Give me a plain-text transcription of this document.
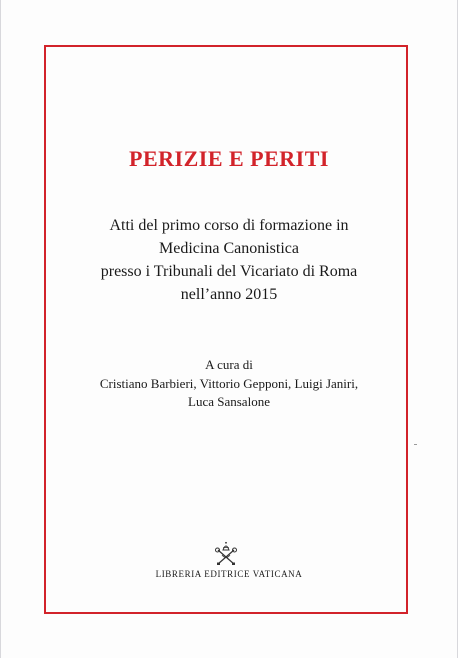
PERIZIE E PERITI
Atti del primo corso di formazione in
Medicina Canonistica
presso i Tribunali del Vicariato di Roma
nell’anno 2015
A cura di
Cristiano Barbieri, Vittorio Gepponi, Luigi Janiri,
Luca Sansalone
LIBRERIA EDITRICE VATICANA
